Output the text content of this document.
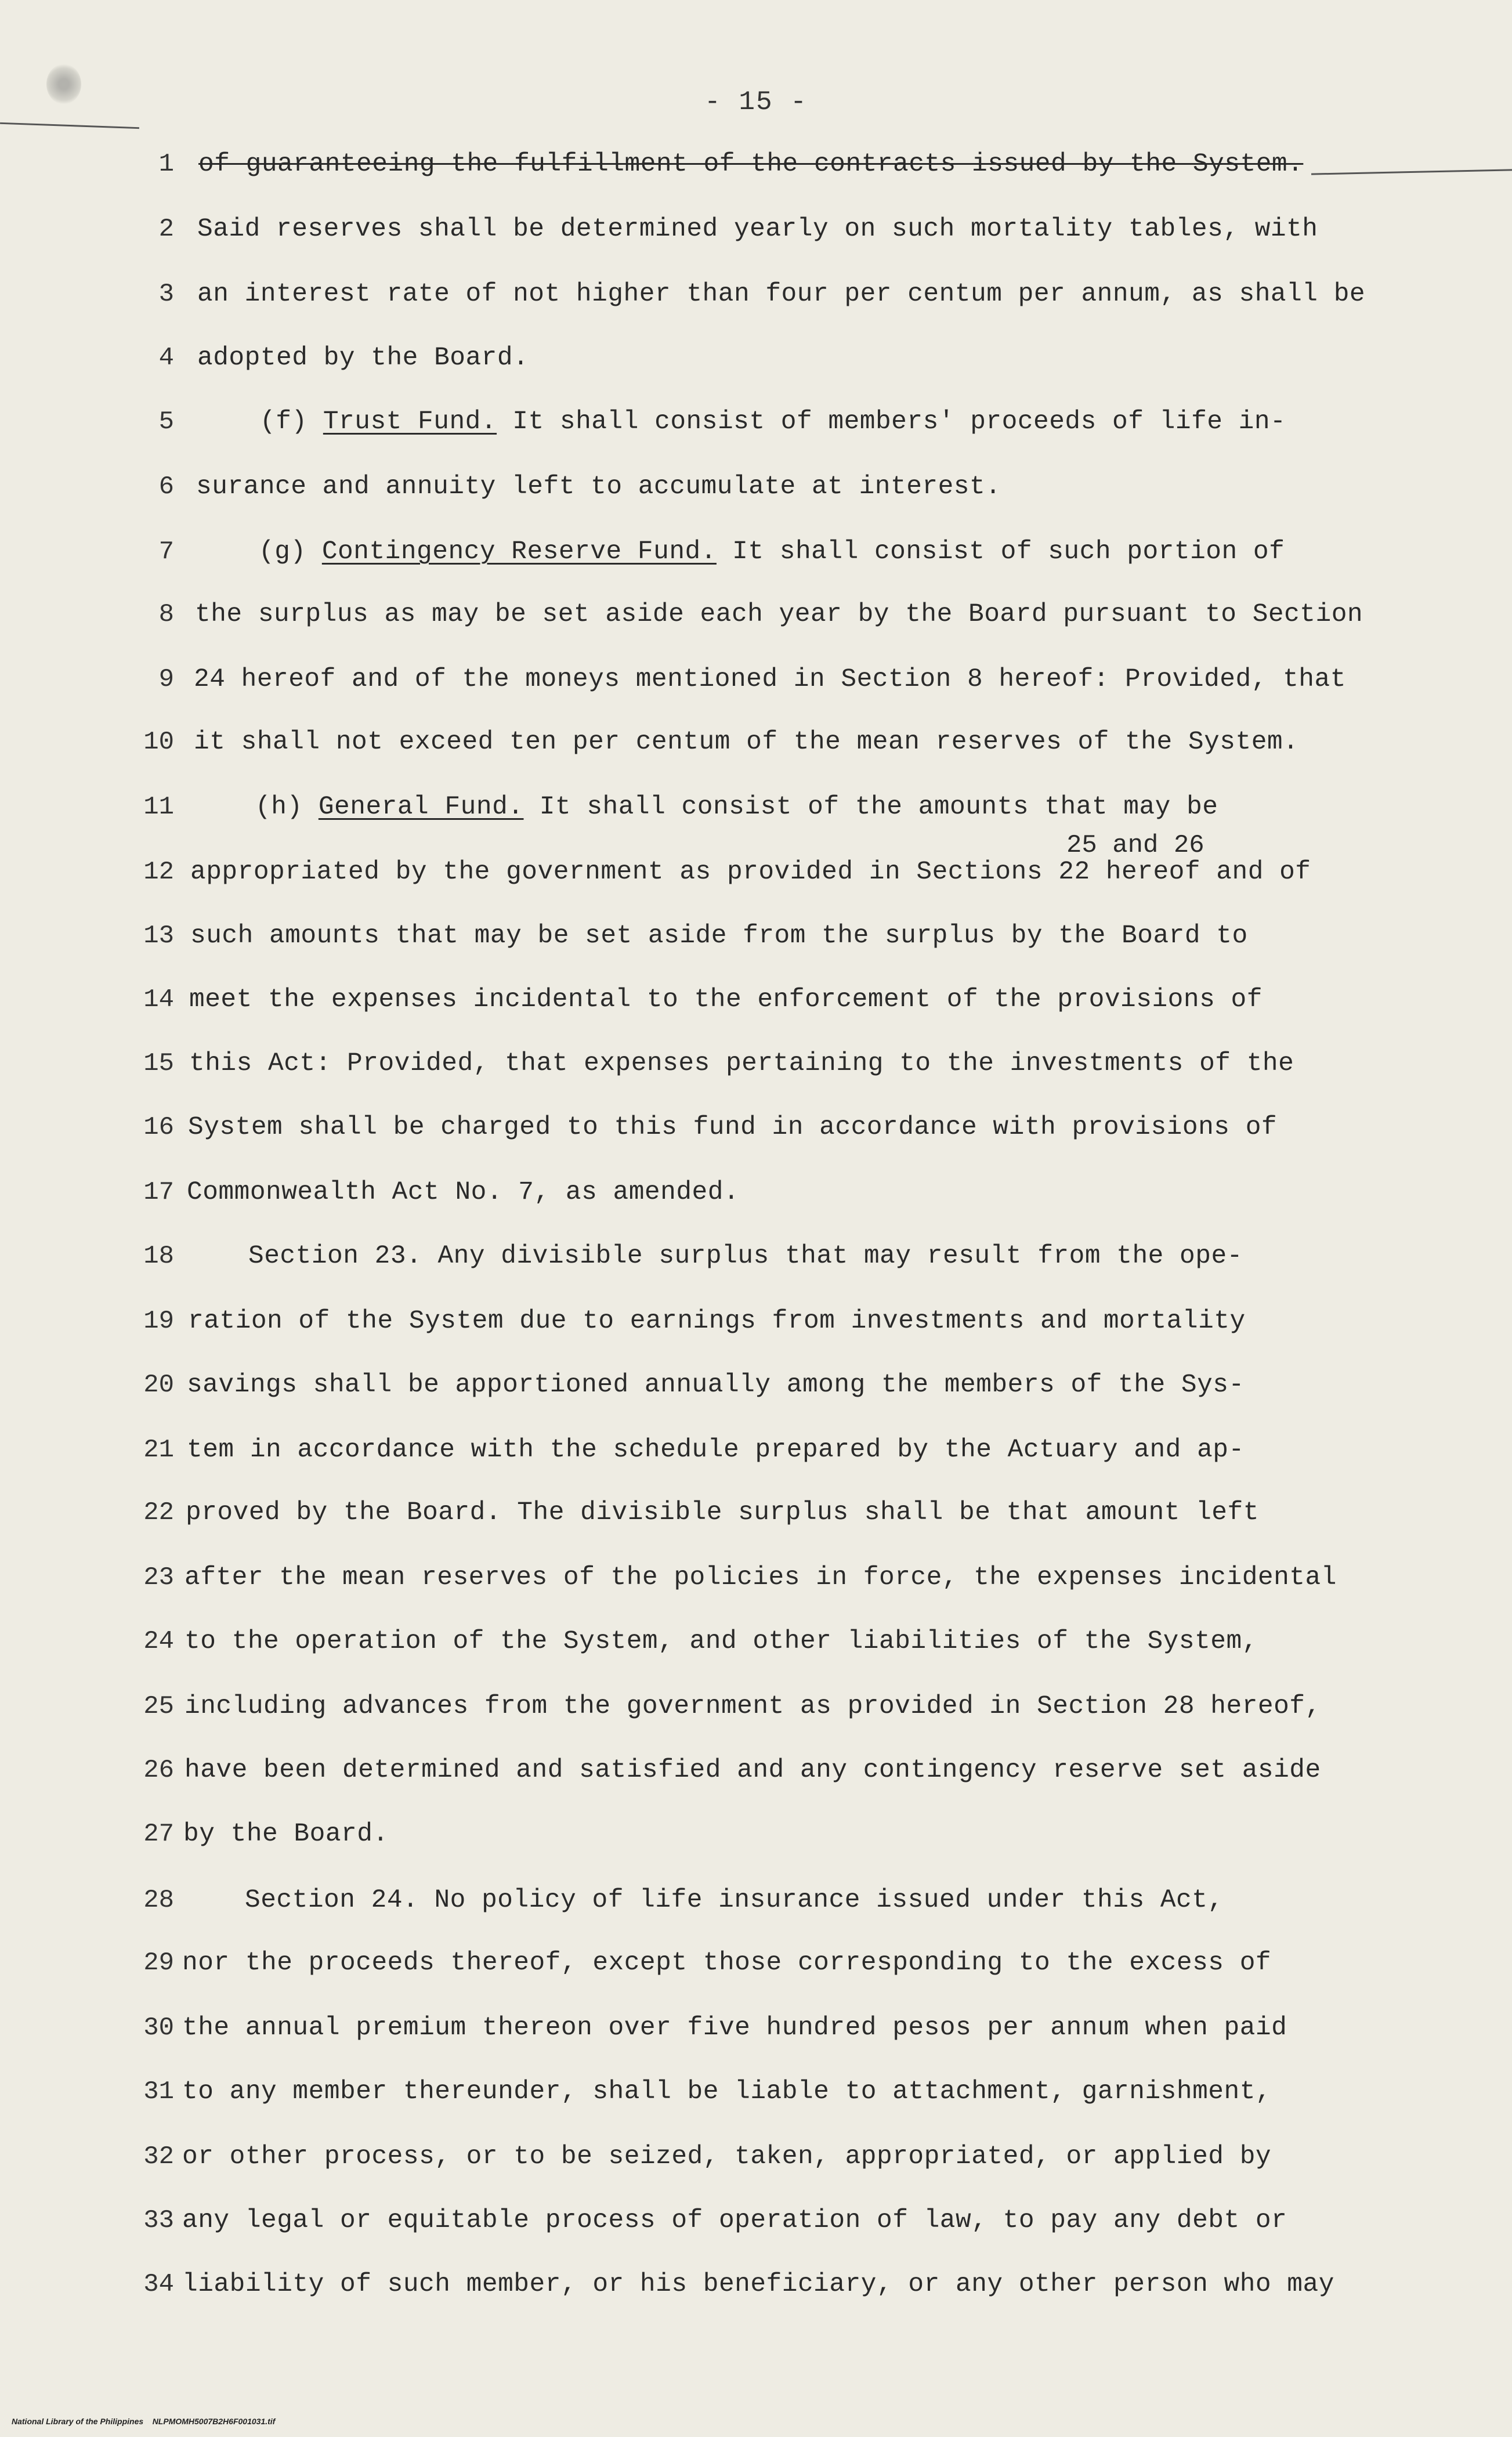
- 15 -
1 of guaranteeing the fulfillment of the contracts issued by the System.
2 Said reserves shall be determined yearly on such mortality tables, with
3 an interest rate of not higher than four per centum per annum, as shall be
4 adopted by the Board.
5	(f) Trust Fund. It shall consist of members' proceeds of life in-
6 surance and annuity left to accumulate at interest.
7	(g) Contingency Reserve Fund. It shall consist of such portion of
8 the surplus as may be set aside each year by the Board pursuant to Section
9 24 hereof and of the moneys mentioned in Section 8 hereof: Provided, that
10 it shall not exceed ten per centum of the mean reserves of the System.
11	(h) General Fund. It shall consist of the amounts that may be
25 and 26
12 appropriated by the government as provided in Sections 22 hereof and of
13 such amounts that may be set aside from the surplus by the Board to
14 meet the expenses incidental to the enforcement of the provisions of
15 this Act: Provided, that expenses pertaining to the investments of the
16 System shall be charged to this fund in accordance with provisions of
17 Commonwealth Act No. 7, as amended.
18	Section 23. Any divisible surplus that may result from the ope-
19 ration of the System due to earnings from investments and mortality
20 savings shall be apportioned annually among the members of the Sys-
21 tem in accordance with the schedule prepared by the Actuary and ap-
22 proved by the Board. The divisible surplus shall be that amount left
23 after the mean reserves of the policies in force, the expenses incidental
24 to the operation of the System, and other liabilities of the System,
25 including advances from the government as provided in Section 28 hereof,
26 have been determined and satisfied and any contingency reserve set aside
27 by the Board.
28	Section 24. No policy of life insurance issued under this Act,
29 nor the proceeds thereof, except those corresponding to the excess of
30 the annual premium thereon over five hundred pesos per annum when paid
31 to any member thereunder, shall be liable to attachment, garnishment,
32 or other process, or to be seized, taken, appropriated, or applied by
33 any legal or equitable process of operation of law, to pay any debt or
34 liability of such member, or his beneficiary, or any other person who may
National Library of the Philippines    NLPMOMH5007B2H6F001031.tif
